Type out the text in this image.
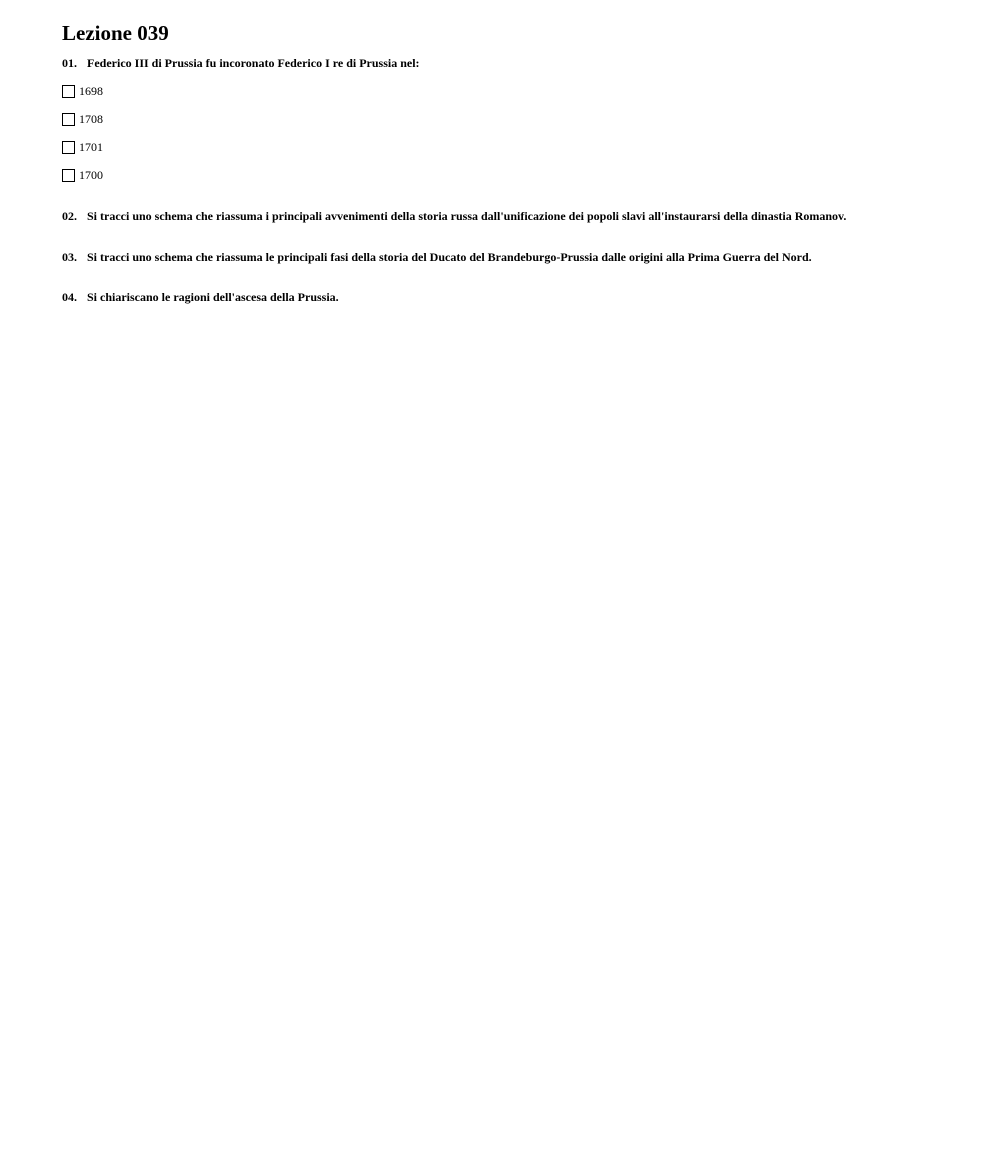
Lezione 039
01. Federico III di Prussia fu incoronato Federico I re di Prussia nel:
1698
1708
1701
1700
02. Si tracci uno schema che riassuma i principali avvenimenti della storia russa dall'unificazione dei popoli slavi all'instaurarsi della dinastia Romanov.
03. Si tracci uno schema che riassuma le principali fasi della storia del Ducato del Brandeburgo-Prussia dalle origini alla Prima Guerra del Nord.
04. Si chiariscano le ragioni dell'ascesa della Prussia.
